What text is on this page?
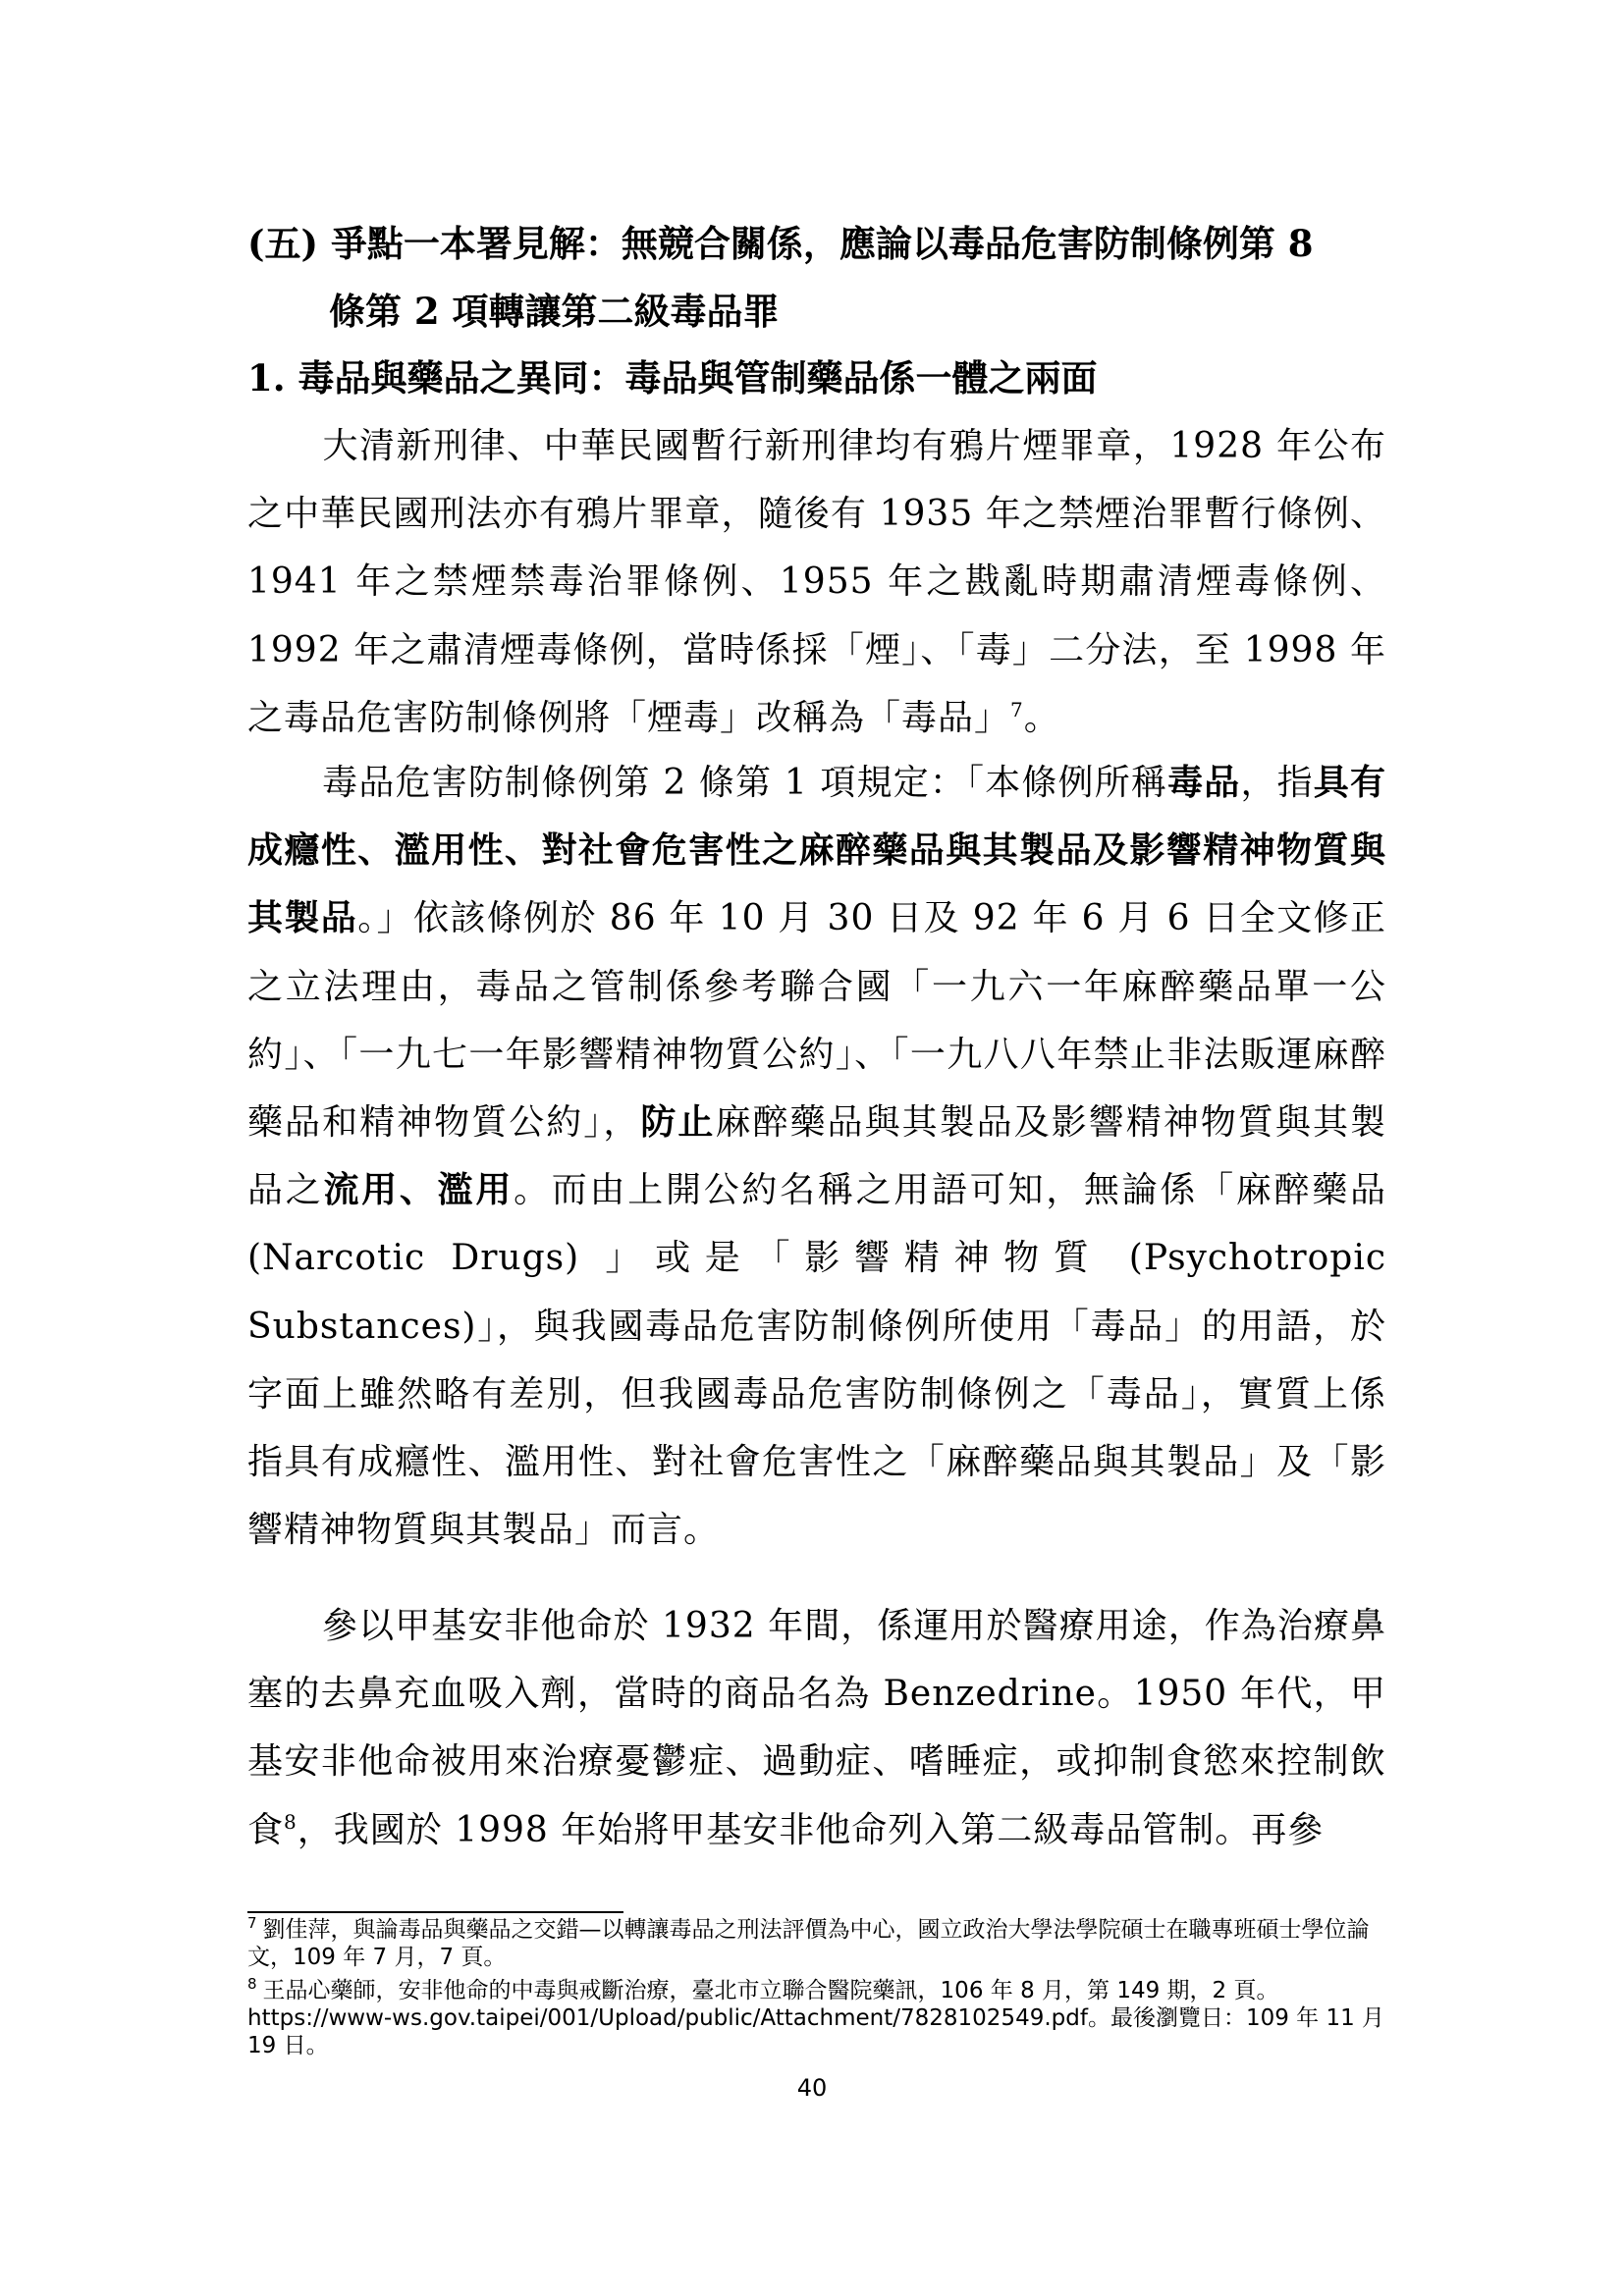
(五) 爭點一本署見解：無競合關係，應論以毒品危害防制條例第 8
條第 2 項轉讓第二級毒品罪
1. 毒品與藥品之異同：毒品與管制藥品係一體之兩面

大清新刑律、中華民國暫行新刑律均有鴉片煙罪章，1928 年公布之中華民國刑法亦有鴉片罪章，隨後有 1935 年之禁煙治罪暫行條例、1941 年之禁煙禁毒治罪條例、1955 年之戡亂時期肅清煙毒條例、1992 年之肅清煙毒條例，當時係採「煙」、「毒」二分法，至 1998 年之毒品危害防制條例將「煙毒」改稱為「毒品」$^7$。

毒品危害防制條例第 2 條第 1 項規定：「本條例所稱毒品，指具有成癮性、濫用性、對社會危害性之麻醉藥品與其製品及影響精神物質與其製品。」依該條例於 86 年 10 月 30 日及 92 年 6 月 6 日全文修正之立法理由，毒品之管制係參考聯合國「一九六一年麻醉藥品單一公約」、「一九七一年影響精神物質公約」、「一九八八年禁止非法販運麻醉藥品和精神物質公約」，防止麻醉藥品與其製品及影響精神物質與其製品之流用、濫用。而由上開公約名稱之用語可知，無論係「麻醉藥品 (Narcotic Drugs) 」或是「影響精神物質 (Psychotropic Substances)」，與我國毒品危害防制條例所使用「毒品」的用語，於字面上雖然略有差別，但我國毒品危害防制條例之「毒品」，實質上係指具有成癮性、濫用性、對社會危害性之「麻醉藥品與其製品」及「影響精神物質與其製品」而言。

參以甲基安非他命於 1932 年間，係運用於醫療用途，作為治療鼻塞的去鼻充血吸入劑，當時的商品名為 Benzedrine。1950 年代，甲基安非他命被用來治療憂鬱症、過動症、嗜睡症，或抑制食慾來控制飲食$^8$，我國於 1998 年始將甲基安非他命列入第二級毒品管制。再參

$^7$ 劉佳萍，與論毒品與藥品之交錯—以轉讓毒品之刑法評價為中心，國立政治大學法學院碩士在職專班碩士學位論文，109 年 7 月，7 頁。

$^8$ 王品心藥師，安非他命的中毒與戒斷治療，臺北市立聯合醫院藥訊，106 年 8 月，第 149 期，2 頁。https://www-ws.gov.taipei/001/Upload/public/Attachment/7828102549.pdf。最後瀏覽日：109 年 11 月 19 日。

40
